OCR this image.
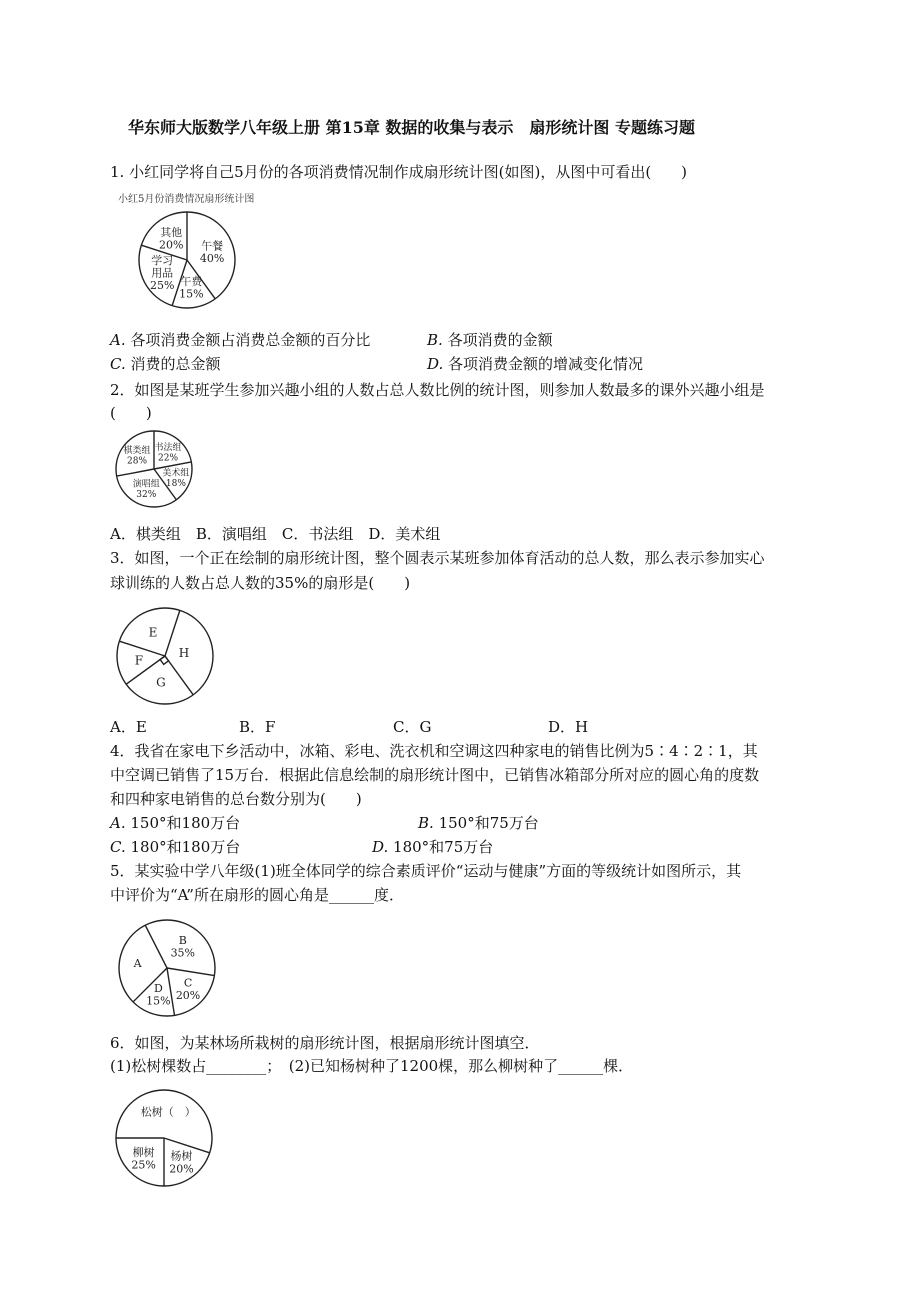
华东师大版数学八年级上册 第15章 数据的收集与表示　扇形统计图 专题练习题
1. 小红同学将自己5月份的各项消费情况制作成扇形统计图(如图)，从图中可看出(　　)
小红5月份消费情况扇形统计图
午餐 40%
午费 15%
学习用品 25%
其他 20%
A. 各项消费金额占消费总金额的百分比	B. 各项消费的金额
C. 消费的总金额	D. 各项消费金额的增减变化情况
2．如图是某班学生参加兴趣小组的人数占总人数比例的统计图，则参加人数最多的课外兴趣小组是
(　　)
书法组 22%
美术组 18%
演唱组 32%
棋类组 28%
A．棋类组　B．演唱组　C．书法组　D．美术组
3．如图，一个正在绘制的扇形统计图，整个圆表示某班参加体育活动的总人数，那么表示参加实心
球训练的人数占总人数的35%的扇形是(　　)
H
G
F
E
A．E	B．F	C．G	D．H
4．我省在家电下乡活动中，冰箱、彩电、洗衣机和空调这四种家电的销售比例为5∶4∶2∶1，其
中空调已销售了15万台．根据此信息绘制的扇形统计图中，已销售冰箱部分所对应的圆心角的度数
和四种家电销售的总台数分别为(　　)
A. 150°和180万台	B. 150°和75万台
C. 180°和180万台	D. 180°和75万台
5．某实验中学八年级(1)班全体同学的综合素质评价“运动与健康”方面的等级统计如图所示，其
中评价为“A”所在扇形的圆心角是______度．
B 35%
C 20%
D 15%
A
6．如图，为某林场所栽树的扇形统计图，根据扇形统计图填空．
(1)松树棵数占________；　(2)已知杨树种了1200棵，那么柳树种了______棵．
柳树 25%
松树（　）
杨树 20%
